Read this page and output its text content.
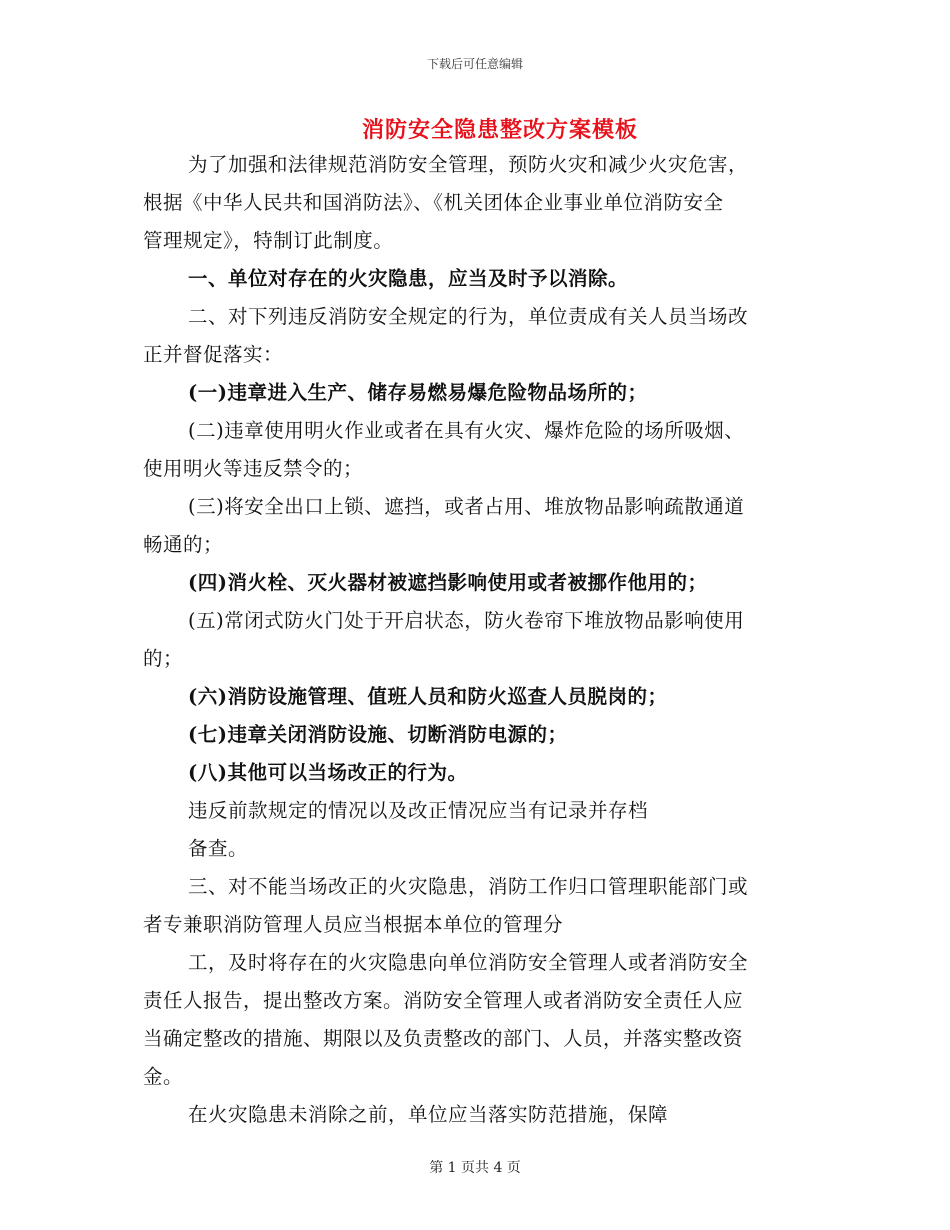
下载后可任意编辑
消防安全隐患整改方案模板
为了加强和法律规范消防安全管理，预防火灾和减少火灾危害，
根据《中华人民共和国消防法》、《机关团体企业事业单位消防安全
管理规定》，特制订此制度。
一、单位对存在的火灾隐患，应当及时予以消除。
二、对下列违反消防安全规定的行为，单位责成有关人员当场改
正并督促落实：
(一)违章进入生产、储存易燃易爆危险物品场所的；
(二)违章使用明火作业或者在具有火灾、爆炸危险的场所吸烟、
使用明火等违反禁令的；
(三)将安全出口上锁、遮挡，或者占用、堆放物品影响疏散通道
畅通的；
(四)消火栓、灭火器材被遮挡影响使用或者被挪作他用的；
(五)常闭式防火门处于开启状态，防火卷帘下堆放物品影响使用
的；
(六)消防设施管理、值班人员和防火巡查人员脱岗的；
(七)违章关闭消防设施、切断消防电源的；
(八)其他可以当场改正的行为。
违反前款规定的情况以及改正情况应当有记录并存档
备查。
三、对不能当场改正的火灾隐患，消防工作归口管理职能部门或
者专兼职消防管理人员应当根据本单位的管理分
工，及时将存在的火灾隐患向单位消防安全管理人或者消防安全
责任人报告，提出整改方案。消防安全管理人或者消防安全责任人应
当确定整改的措施、期限以及负责整改的部门、人员，并落实整改资
金。
在火灾隐患未消除之前，单位应当落实防范措施，保障
第 1 页共 4 页
